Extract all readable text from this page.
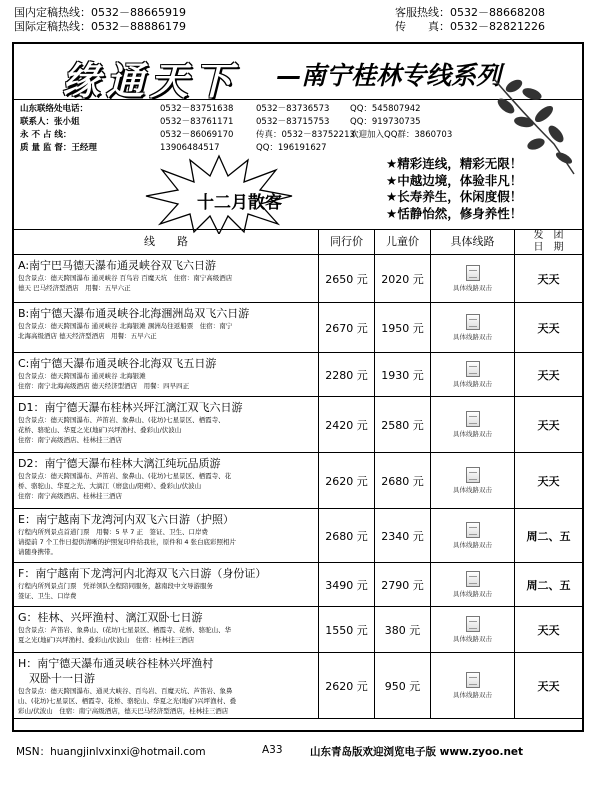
国内定稿热线：0532－88665919
国际定稿热线：0532－88886179
客服热线：0532－88668208
传　　真：0532－82821226
缘通天下 —南宁桂林专线系列
山东联络处电话：	0532－83751638	0532－83736573 QQ：545807942
联系人：张小姐	0532－83761171	0532－83715753 QQ：919730735
永 不 占 线：	0532－86069170	传真：0532－83752213
欢迎加入QQ群：3860703
质 量 监 督：王经理	13906484517	QQ：196191627
十二月散客
★精彩连线，精彩无限！
★中越边境，体验非凡！
★长寿养生，休闲度假！
★恬静怡然，修身养性！
线　　路	同行价	儿童价	具体线路	发　团
日　期
A:南宁巴马德天瀑布通灵峡谷双飞六日游
包含景点：德天跨国瀑布 通灵峡谷 百鸟岩 百魔天坑　住宿：南宁高级酒店
德天 巴马经济型酒店　用餐：五早六正
2650 元	2020 元
具体线路双击
天天
B:南宁德天瀑布通灵峡谷北海涠洲岛双飞六日游
包含景点：德天跨国瀑布 通灵峡谷 北海银滩 涠洲岛往返船票　住宿：南宁
北海高级酒店 德天经济型酒店　用餐：五早六正
2670 元	1950 元
具体线路双击
天天
C:南宁德天瀑布通灵峡谷北海双飞五日游
包含景点：德天跨国瀑布 通灵峡谷 北海银滩
住宿：南宁北海高级酒店 德天经济型酒店　用餐：四早四正
2280 元	1930 元
具体线路双击
天天
D1：南宁德天瀑布桂林兴坪江漓江双飞六日游
包含景点：德天跨国瀑布、芦笛岩、象鼻山、(花坊)七星景区、栖霞寺、
花桥、骆驼山、华夏之光(地矿)兴坪渔村、叠彩山/伏波山
住宿：南宁高级酒店、桂林挂三酒店
2420 元	2580 元
具体线路双击
天天
D2：南宁德天瀑布桂林大漓江纯玩品质游
包含景点：德天跨国瀑布、芦笛岩、象鼻山、(花坊)七星景区、栖霞寺、花
桥、骆驼山、华夏之光、大漓江（磨盘山/阳朔）、叠彩山/伏波山
住宿：南宁高级酒店、桂林挂三酒店
2620 元	2680 元
具体线路双击
天天
E：南宁越南下龙湾河内双飞六日游（护照）
行程内所列景点首道门票　用餐：5 早 7 正　签证、卫生、口岸费
请提前 7 个工作日提供清晰的护照复印件给我社，原件和 4 张白底彩照相片
请随身携带。
2680 元	2340 元
具体线路双击
周二、五
F：南宁越南下龙湾河内北海双飞六日游（身份证）
行程内所列景点门票　凭祥领队全程陪同服务，越南段中文导游服务
签证、卫生、口岸费
3490 元	2790 元
具体线路双击
周二、五
G：桂林、兴坪渔村、漓江双卧七日游
包含景点：芦笛岩、象鼻山、(花坊)七星景区、栖霞寺、花桥、骆驼山、华
夏之光(地矿)兴坪渔村、叠彩山/伏波山　住宿：桂林挂三酒店
1550 元	380 元
具体线路双击
天天
H：南宁德天瀑布通灵峡谷桂林兴坪渔村
　双卧十一日游
包含景点：德天跨国瀑布、通灵大峡谷、百鸟岩、百魔天坑、芦笛岩、象鼻
山、(花坊)七星景区、栖霞寺、花桥、骆驼山、华夏之光(地矿)兴坪渔村、叠
彩山/伏波山　住宿：南宁高级酒店，德天巴马经济型酒店，桂林挂三酒店
2620 元	950 元
具体线路双击
天天
MSN：huangjinlvxinxi@hotmail.com	A33	山东青岛版欢迎浏览电子版 www.zyoo.net
